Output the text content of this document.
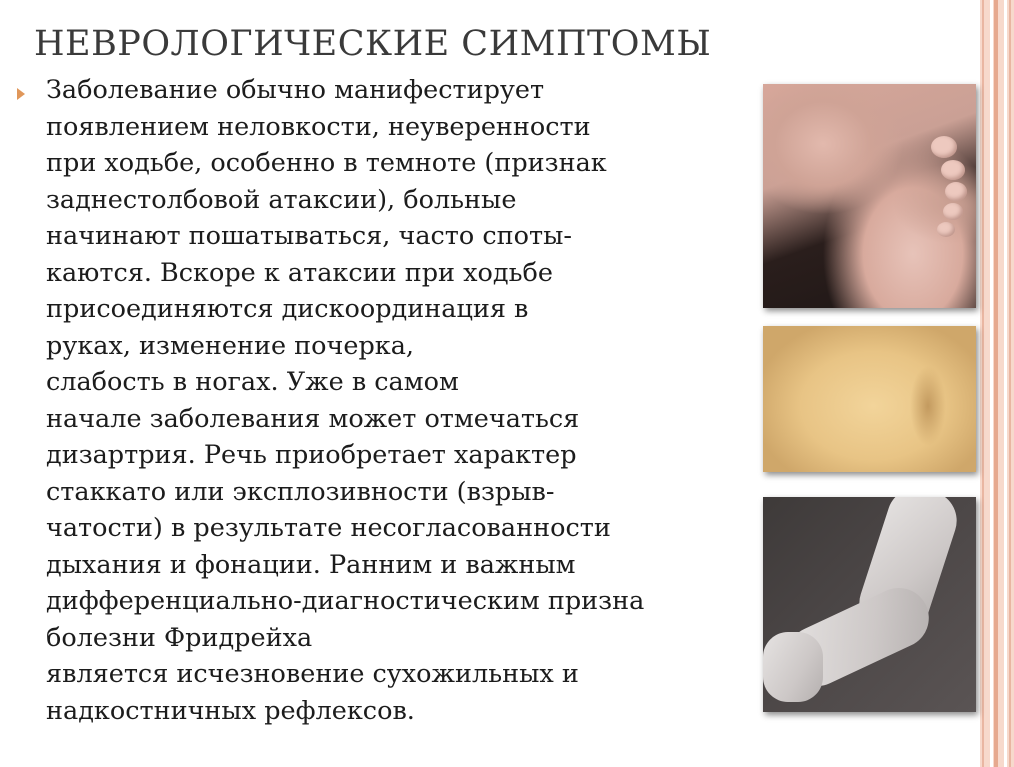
НЕВРОЛОГИЧЕСКИЕ СИМПТОМЫ
Заболевание обычно манифестирует
появлением неловкости, неуверенности
при ходьбе, особенно в темноте (признак
заднестолбовой атаксии), больные
начинают пошатываться, часто споты-
каются. Вскоре к атаксии при ходьбе
присоединяются дискоординация в
руках, изменение почерка,
слабость в ногах. Уже в самом
начале заболевания может отмечаться
дизартрия. Речь приобретает характер
стаккато или эксплозивности (взрыв-
чатости) в результате несогласованности
дыхания и фонации. Ранним и важным
дифференциально-диагностическим призна
болезни Фридрейха
является исчезновение сухожильных и
надкостничных рефлексов.
